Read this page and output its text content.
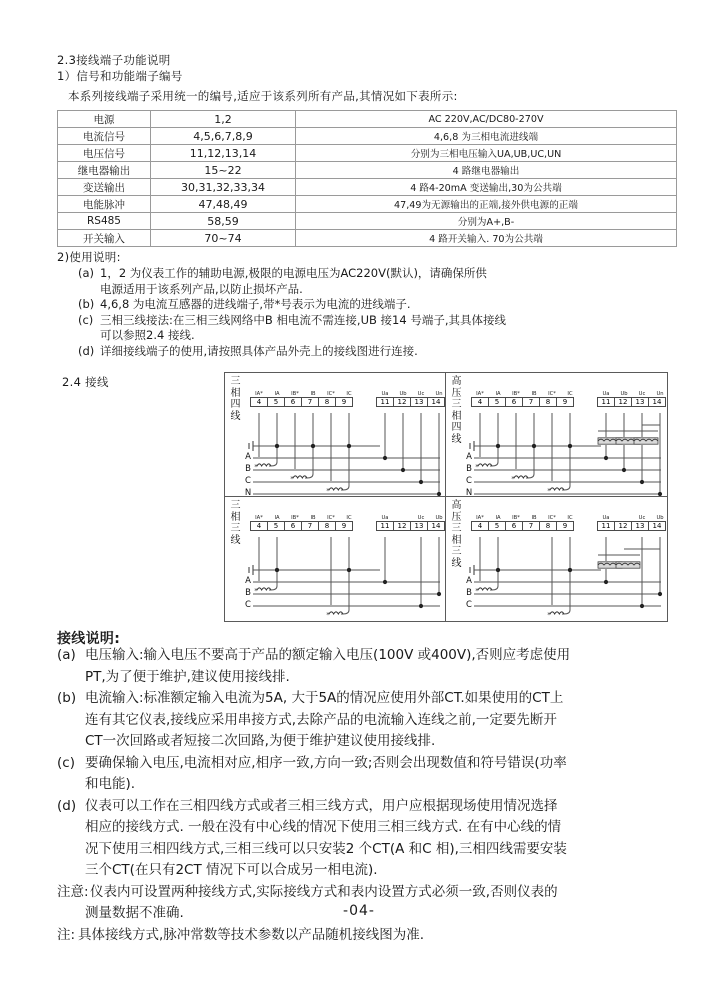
2.3接线端子功能说明
1）信号和功能端子编号
本系列接线端子采用统一的编号,适应于该系列所有产品,其情况如下表所示:
电源	1,2	AC 220V,AC/DC80-270V
电流信号	4,5,6,7,8,9	4,6,8 为三相电流进线端
电压信号	11,12,13,14	分别为三相电压输入UA,UB,UC,UN
继电器输出	15~22	4 路继电器输出
变送输出	30,31,32,33,34	4 路4-20mA 变送输出,30为公共端
电能脉冲	47,48,49	47,49为无源输出的正端,接外供电源的正端
RS485	58,59	分别为A+,B-
开关输入	70~74	4 路开关输入. 70为公共端
2)使用说明:
(a) 1，2 为仪表工作的辅助电源,极限的电源电压为AC220V(默认)，请确保所供
电源适用于该系列产品,以防止损坏产品.
(b) 4,6,8 为电流互感器的进线端子,带*号表示为电流的进线端子.
(c) 三相三线接法:在三相三线网络中B 相电流不需连接,UB 接14 号端子,其具体接线
可以参照2.4 接线.
(d) 详细接线端子的使用,请按照具体产品外壳上的接线图进行连接.
2.4 接线	三
相
四
线
IA*	IA	IB*	IB	IC*	IC
4	5	6	7	8	9
Ua	Ub	Uc	Un
11	12	13	14
A
B
C
N
*
*
*
高
压
三
相
四
线
IA*	IA	IB*	IB	IC*	IC
4	5	6	7	8	9
Ua	Ub	Uc	Un
11	12	13	14
A
B
C
N
*
*
*
三
相
三
线
IA*	IA	IB*	IB	IC*	IC
4	5	6	7	8	9
Ua	Uc	Ub
11	12	13	14
A
B
C
*
*
高
压
三
相
三
线
IA*	IA	IB*	IB	IC*	IC
4	5	6	7	8	9
Ua	Uc	Ub
11	12	13	14
A
B
C
*
*
接线说明:
(a) 电压输入:输入电压不要高于产品的额定输入电压(100V 或400V),否则应考虑使用
PT,为了便于维护,建议使用接线排.
(b) 电流输入:标准额定输入电流为5A, 大于5A的情况应使用外部CT.如果使用的CT上
连有其它仪表,接线应采用串接方式,去除产品的电流输入连线之前,一定要先断开
CT一次回路或者短接二次回路,为便于维护建议使用接线排.
(c) 要确保输入电压,电流相对应,相序一致,方向一致;否则会出现数值和符号错误(功率
和电能).
(d) 仪表可以工作在三相四线方式或者三相三线方式，用户应根据现场使用情况选择
相应的接线方式. 一般在没有中心线的情况下使用三相三线方式. 在有中心线的情
况下使用三相四线方式,三相三线可以只安装2 个CT(A 和C 相),三相四线需要安装
三个CT(在只有2CT 情况下可以合成另一相电流).
注意: 仪表内可设置两种接线方式,实际接线方式和表内设置方式必须一致,否则仪表的
测量数据不准确.
注: 具体接线方式,脉冲常数等技术参数以产品随机接线图为准.
-04-
